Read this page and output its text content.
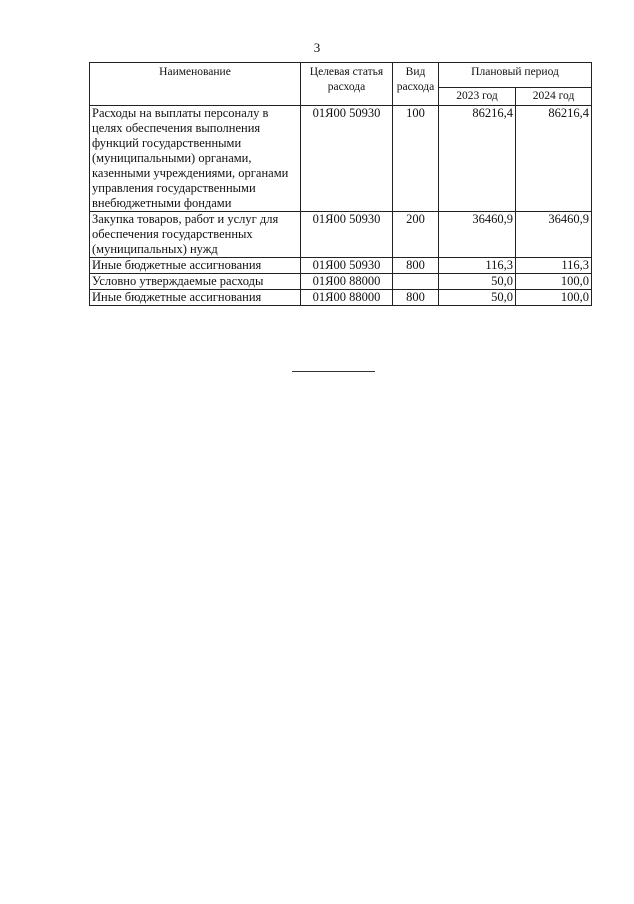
3
Наименование	Целевая статья расхода	Вид расхода	Плановый период	
			2023 год	2024 год
Расходы на выплаты персоналу в целях обеспечения выполнения функций государственными (муниципальными) органами, казенными учреждениями, органами управления государственными внебюджетными фондами	01Я00 50930	100	86216,4	86216,4
Закупка товаров, работ и услуг для обеспечения государственных (муниципальных) нужд	01Я00 50930	200	36460,9	36460,9
Иные бюджетные ассигнования	01Я00 50930	800	116,3	116,3
Условно утверждаемые расходы	01Я00 88000		50,0	100,0
Иные бюджетные ассигнования	01Я00 88000	800	50,0	100,0
